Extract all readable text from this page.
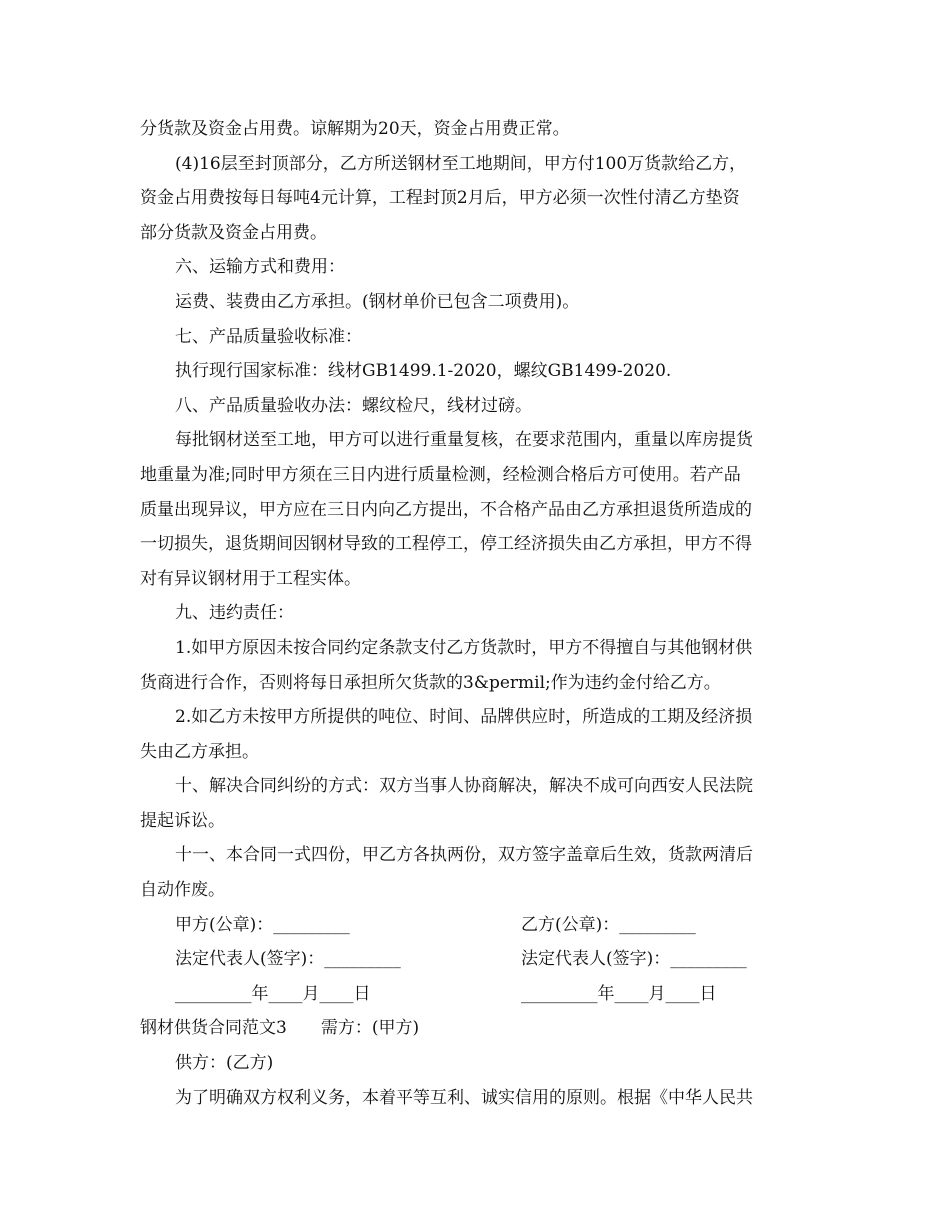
分货款及资金占用费。谅解期为20天，资金占用费正常。
(4)16层至封顶部分，乙方所送钢材至工地期间，甲方付100万货款给乙方，
资金占用费按每日每吨4元计算，工程封顶2月后，甲方必须一次性付清乙方垫资
部分货款及资金占用费。
六、运输方式和费用：
运费、装费由乙方承担。(钢材单价已包含二项费用)。
七、产品质量验收标准：
执行现行国家标准：线材GB1499.1-2020，螺纹GB1499-2020.
八、产品质量验收办法：螺纹检尺，线材过磅。
每批钢材送至工地，甲方可以进行重量复核，在要求范围内，重量以库房提货
地重量为准;同时甲方须在三日内进行质量检测，经检测合格后方可使用。若产品
质量出现异议，甲方应在三日内向乙方提出，不合格产品由乙方承担退货所造成的
一切损失，退货期间因钢材导致的工程停工，停工经济损失由乙方承担，甲方不得
对有异议钢材用于工程实体。
九、违约责任：
1.如甲方原因未按合同约定条款支付乙方货款时，甲方不得擅自与其他钢材供
货商进行合作，否则将每日承担所欠货款的3&permil;作为违约金付给乙方。
2.如乙方未按甲方所提供的吨位、时间、品牌供应时，所造成的工期及经济损
失由乙方承担。
十、解决合同纠纷的方式：双方当事人协商解决，解决不成可向西安人民法院
提起诉讼。
十一、本合同一式四份，甲乙方各执两份，双方签字盖章后生效，货款两清后
自动作废。
甲方(公章)：_________	乙方(公章)：_________
法定代表人(签字)：_________	法定代表人(签字)：_________
_________年____月____日	_________年____月____日
钢材供货合同范文3　　需方：(甲方)
供方：(乙方)
为了明确双方权利义务，本着平等互利、诚实信用的原则。根据《中华人民共
